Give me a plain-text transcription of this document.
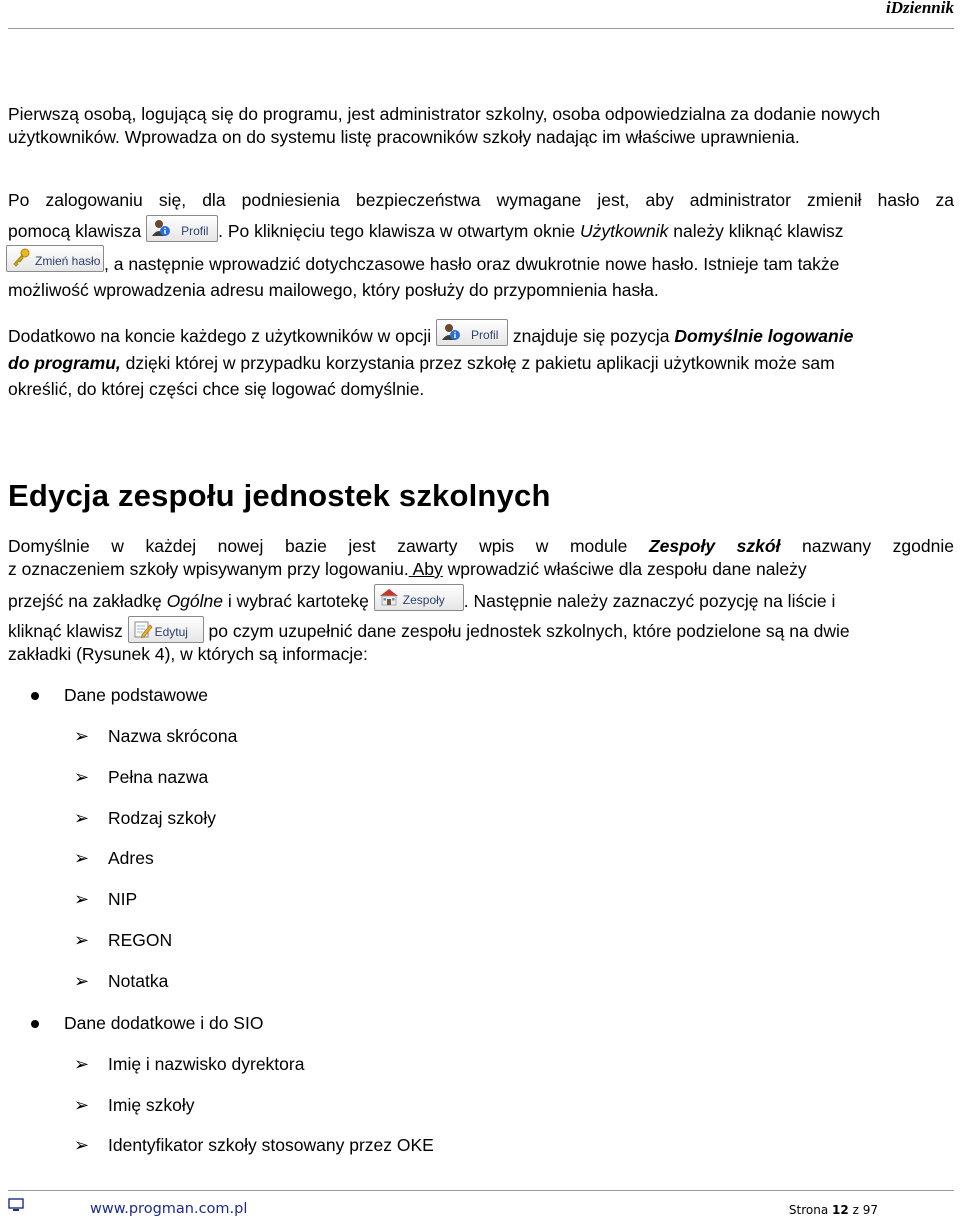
iDziennik

Pierwszą osobą, logującą się do programu, jest administrator szkolny, osoba odpowiedzialna za dodanie nowych użytkowników. Wprowadza on do systemu listę pracowników szkoły nadając im właściwe uprawnienia.

Po zalogowaniu się, dla podniesienia bezpieczeństwa wymagane jest, aby administrator zmienił hasło za
pomocą klawisza	Profil . Po kliknięciu tego klawisza w otwartym oknie Użytkownik należy kliknąć klawisz
Zmień hasło , a następnie wprowadzić dotychczasowe hasło oraz dwukrotnie nowe hasło. Istnieje tam także
możliwość wprowadzenia adresu mailowego, który posłuży do przypomnienia hasła.
Dodatkowo na koncie każdego z użytkowników w opcji	Profil znajduje się pozycja Domyślnie logowanie
do programu, dzięki której w przypadku korzystania przez szkołę z pakietu aplikacji użytkownik może sam
określić, do której części chce się logować domyślnie.
Edycja zespołu jednostek szkolnych
Domyślnie w każdej nowej bazie jest zawarty wpis w module Zespoły szkół nazwany zgodnie
z oznaczeniem szkoły wpisywanym przy logowaniu. Aby wprowadzić właściwe dla zespołu dane należy
przejść na zakładkę Ogólne i wybrać kartotekę	Zespoły . Następnie należy zaznaczyć pozycję na liście i
kliknąć klawisz	Edytuj po czym uzupełnić dane zespołu jednostek szkolnych, które podzielone są na dwie
zakładki (Rysunek 4), w których są informacje:
Dane podstawowe
➢ Nazwa skrócona
➢ Pełna nazwa
➢ Rodzaj szkoły
➢ Adres
➢ NIP
➢ REGON
➢ Notatka
Dane dodatkowe i do SIO
➢ Imię i nazwisko dyrektora
➢ Imię szkoły
➢ Identyfikator szkoły stosowany przez OKE
www.progman.com.pl	Strona 12 z 97
